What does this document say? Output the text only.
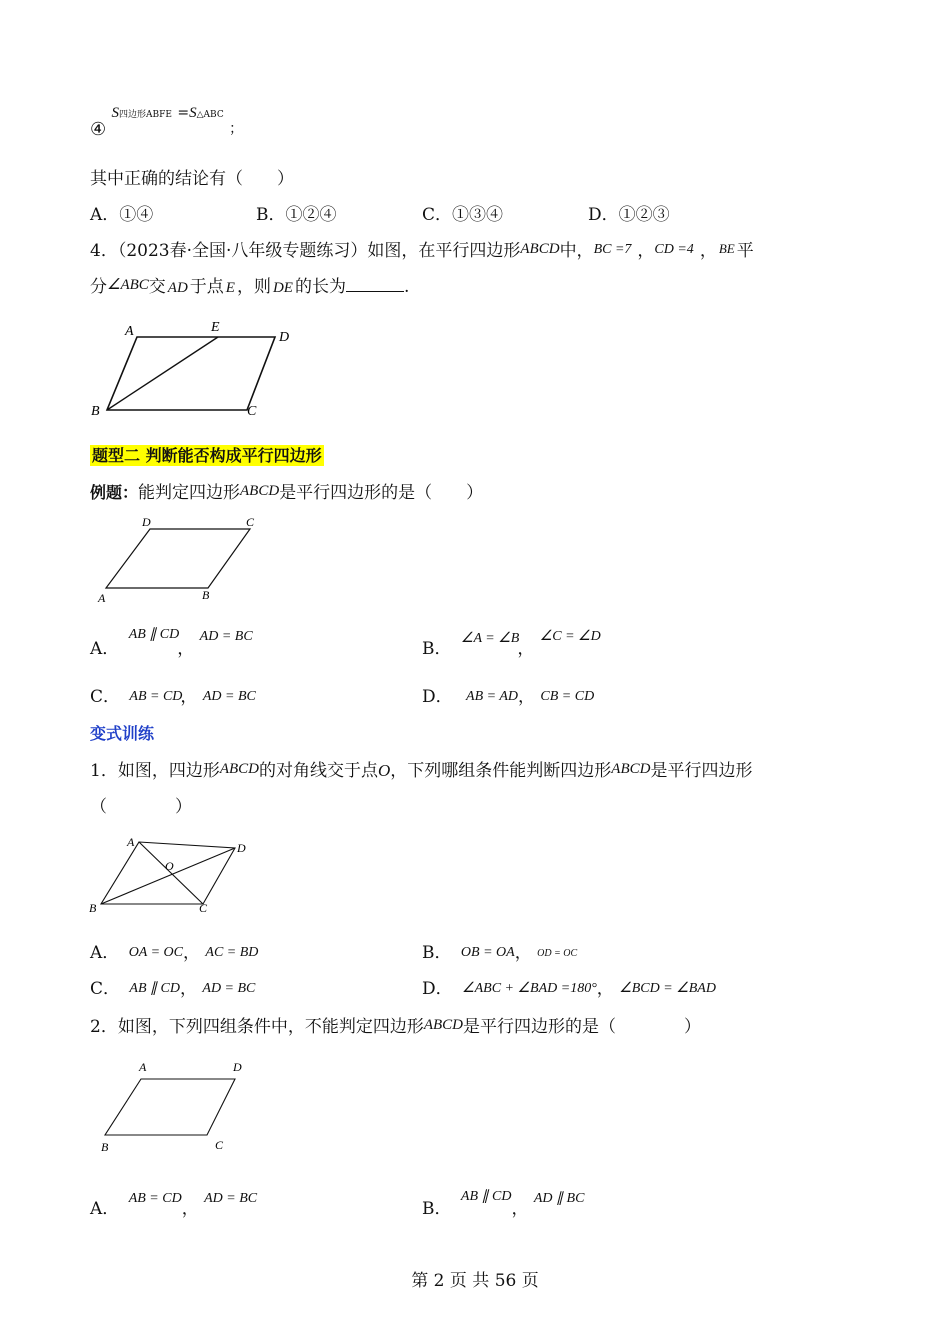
④ $S^{四边形ABFE}$ $^=S^{\triangle ABC}$ $_;$
其中正确的结论有（　　）
A．①④	B．①②④	C．①③④	D．①②③
4．（2023春·全国·八年级专题练习）如图，在平行四边形ABCD中，BC =7 ，CD =4 ， BE 平
分∠ABC交 AD 于点 E ，则 DE 的长为	.
A	E
D
B	C
题型二 判断能否构成平行四边形
例题：能判定四边形ABCD是平行四边形的是（　　）
D	C
A	B
A． $^{AB \parallel CD}$， $^{AD = BC}$
B． $^{\angle A = \angle B}$， $^{\angle C = \angle D}$
C． AB = CD， AD = BC	D． AB = AD， CB = CD
变式训练
1．如图，四边形ABCD的对角线交于点O，下列哪组条件能判断四边形ABCD是平行四边形
（　　　　）
A
O
D
B	C
A． OA = OC， AC = BD	B． OB = OA， OD = OC
C． AB ∥ CD， AD = BC	D． ∠ABC + ∠BAD =180°， ∠BCD = ∠BAD
2．如图，下列四组条件中，不能判定四边形ABCD是平行四边形的是（　　　　）
A	D
B	C
A． $^{AB = CD}$， $^{AD = BC}$
B． $^{AB \parallel CD}$， $^{AD \parallel BC}$
第 2 页 共 56 页
